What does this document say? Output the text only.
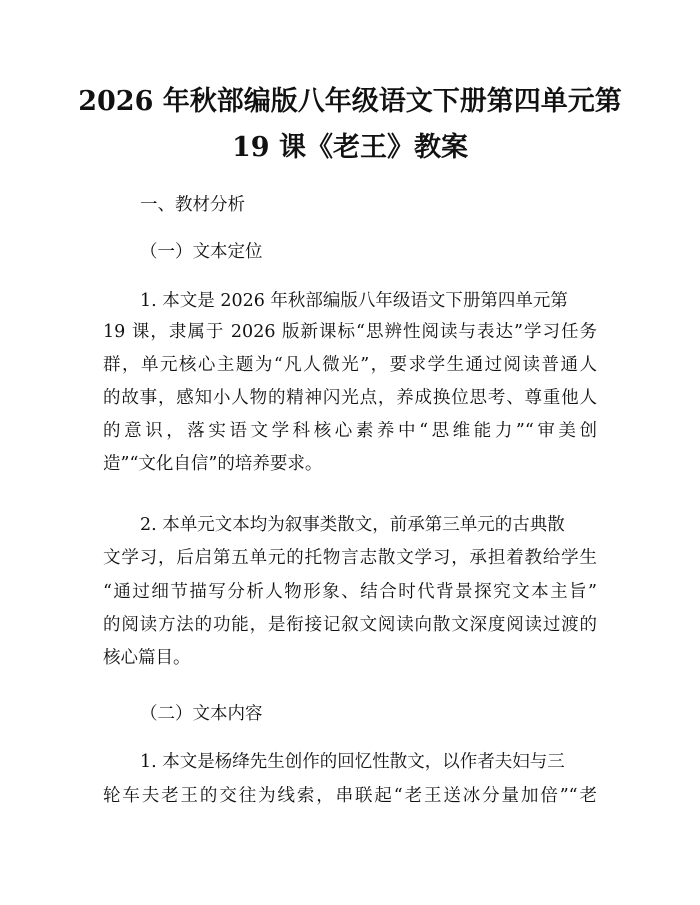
2026 年秋部编版八年级语文下册第四单元第
19 课《老王》教案
一、教材分析
（一）文本定位
1. 本文是 2026 年秋部编版八年级语文下册第四单元第
19 课，隶属于 2026 版新课标“思辨性阅读与表达”学习任务
群，单元核心主题为“凡人微光”，要求学生通过阅读普通人
的故事，感知小人物的精神闪光点，养成换位思考、尊重他人
的意识，落实语文学科核心素养中“思维能力”“审美创
造”“文化自信”的培养要求。
2. 本单元文本均为叙事类散文，前承第三单元的古典散
文学习，后启第五单元的托物言志散文学习，承担着教给学生
“通过细节描写分析人物形象、结合时代背景探究文本主旨”
的阅读方法的功能，是衔接记叙文阅读向散文深度阅读过渡的
核心篇目。
（二）文本内容
1. 本文是杨绛先生创作的回忆性散文，以作者夫妇与三
轮车夫老王的交往为线索，串联起“老王送冰分量加倍”“老
